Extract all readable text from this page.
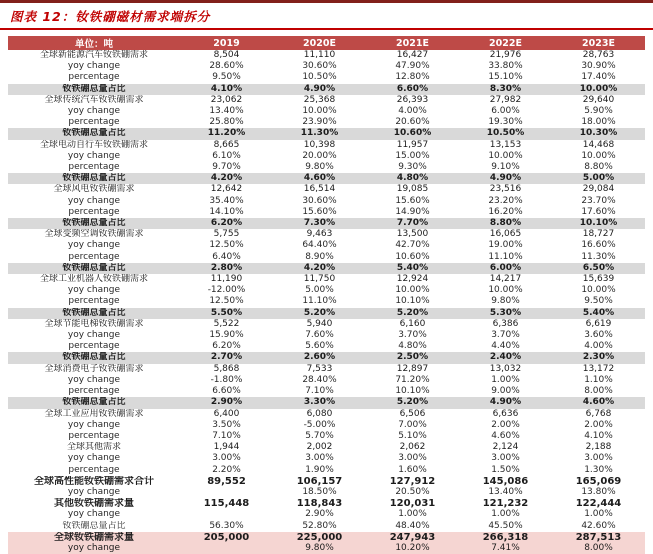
图表 12：钕铁硼磁材需求端拆分
单位：吨	2019	2020E	2021E	2022E	2023E
全球新能源汽车钕铁硼需求	8,504	11,110	16,427	21,976	28,763
yoy change	28.60%	30.60%	47.90%	33.80%	30.90%
percentage	9.50%	10.50%	12.80%	15.10%	17.40%
钕铁硼总量占比	4.10%	4.90%	6.60%	8.30%	10.00%
全球传统汽车钕铁硼需求	23,062	25,368	26,393	27,982	29,640
yoy change	13.40%	10.00%	4.00%	6.00%	5.90%
percentage	25.80%	23.90%	20.60%	19.30%	18.00%
钕铁硼总量占比	11.20%	11.30%	10.60%	10.50%	10.30%
全球电动自行车钕铁硼需求	8,665	10,398	11,957	13,153	14,468
yoy change	6.10%	20.00%	15.00%	10.00%	10.00%
percentage	9.70%	9.80%	9.30%	9.10%	8.80%
钕铁硼总量占比	4.20%	4.60%	4.80%	4.90%	5.00%
全球风电钕铁硼需求	12,642	16,514	19,085	23,516	29,084
yoy change	35.40%	30.60%	15.60%	23.20%	23.70%
percentage	14.10%	15.60%	14.90%	16.20%	17.60%
钕铁硼总量占比	6.20%	7.30%	7.70%	8.80%	10.10%
全球变频空调钕铁硼需求	5,755	9,463	13,500	16,065	18,727
yoy change	12.50%	64.40%	42.70%	19.00%	16.60%
percentage	6.40%	8.90%	10.60%	11.10%	11.30%
钕铁硼总量占比	2.80%	4.20%	5.40%	6.00%	6.50%
全球工业机器人钕铁硼需求	11,190	11,750	12,924	14,217	15,639
yoy change	-12.00%	5.00%	10.00%	10.00%	10.00%
percentage	12.50%	11.10%	10.10%	9.80%	9.50%
钕铁硼总量占比	5.50%	5.20%	5.20%	5.30%	5.40%
全球节能电梯钕铁硼需求	5,522	5,940	6,160	6,386	6,619
yoy change	15.90%	7.60%	3.70%	3.70%	3.60%
percentage	6.20%	5.60%	4.80%	4.40%	4.00%
钕铁硼总量占比	2.70%	2.60%	2.50%	2.40%	2.30%
全球消费电子钕铁硼需求	5,868	7,533	12,897	13,032	13,172
yoy change	-1.80%	28.40%	71.20%	1.00%	1.10%
percentage	6.60%	7.10%	10.10%	9.00%	8.00%
钕铁硼总量占比	2.90%	3.30%	5.20%	4.90%	4.60%
全球工业应用钕铁硼需求	6,400	6,080	6,506	6,636	6,768
yoy change	3.50%	-5.00%	7.00%	2.00%	2.00%
percentage	7.10%	5.70%	5.10%	4.60%	4.10%
全球其他需求	1,944	2,002	2,062	2,124	2,188
yoy change	3.00%	3.00%	3.00%	3.00%	3.00%
percentage	2.20%	1.90%	1.60%	1.50%	1.30%
全球高性能钕铁硼需求合计	89,552	106,157	127,912	145,086	165,069
yoy change		18.50%	20.50%	13.40%	13.80%
其他钕铁硼需求量	115,448	118,843	120,031	121,232	122,444
yoy change		2.90%	1.00%	1.00%	1.00%
钕铁硼总量占比	56.30%	52.80%	48.40%	45.50%	42.60%
全球钕铁硼需求量	205,000	225,000	247,943	266,318	287,513
yoy change		9.80%	10.20%	7.41%	8.00%
